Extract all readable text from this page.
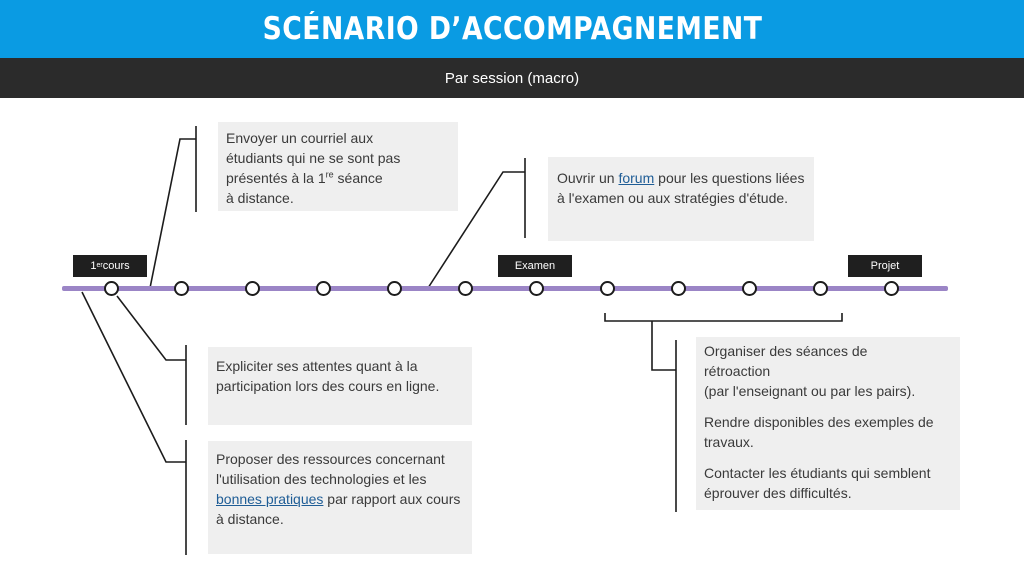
SCÉNARIO D’ACCOMPAGNEMENT
Par session (macro)
1 er cours	Examen	Projet
Envoyer un courriel aux
étudiants qui ne se sont pas
présentés à la 1re séance
à distance.
Ouvrir un forum pour les questions liées à l'examen ou aux stratégies d'étude.
Expliciter ses attentes quant à la participation lors des cours en ligne.
Proposer des ressources concernant l'utilisation des technologies et les bonnes pratiques par rapport aux cours à distance.

Organiser des séances de
rétroaction
(par l'enseignant ou par les pairs).

Rendre disponibles des exemples de travaux.

Contacter les étudiants qui semblent éprouver des difficultés.
